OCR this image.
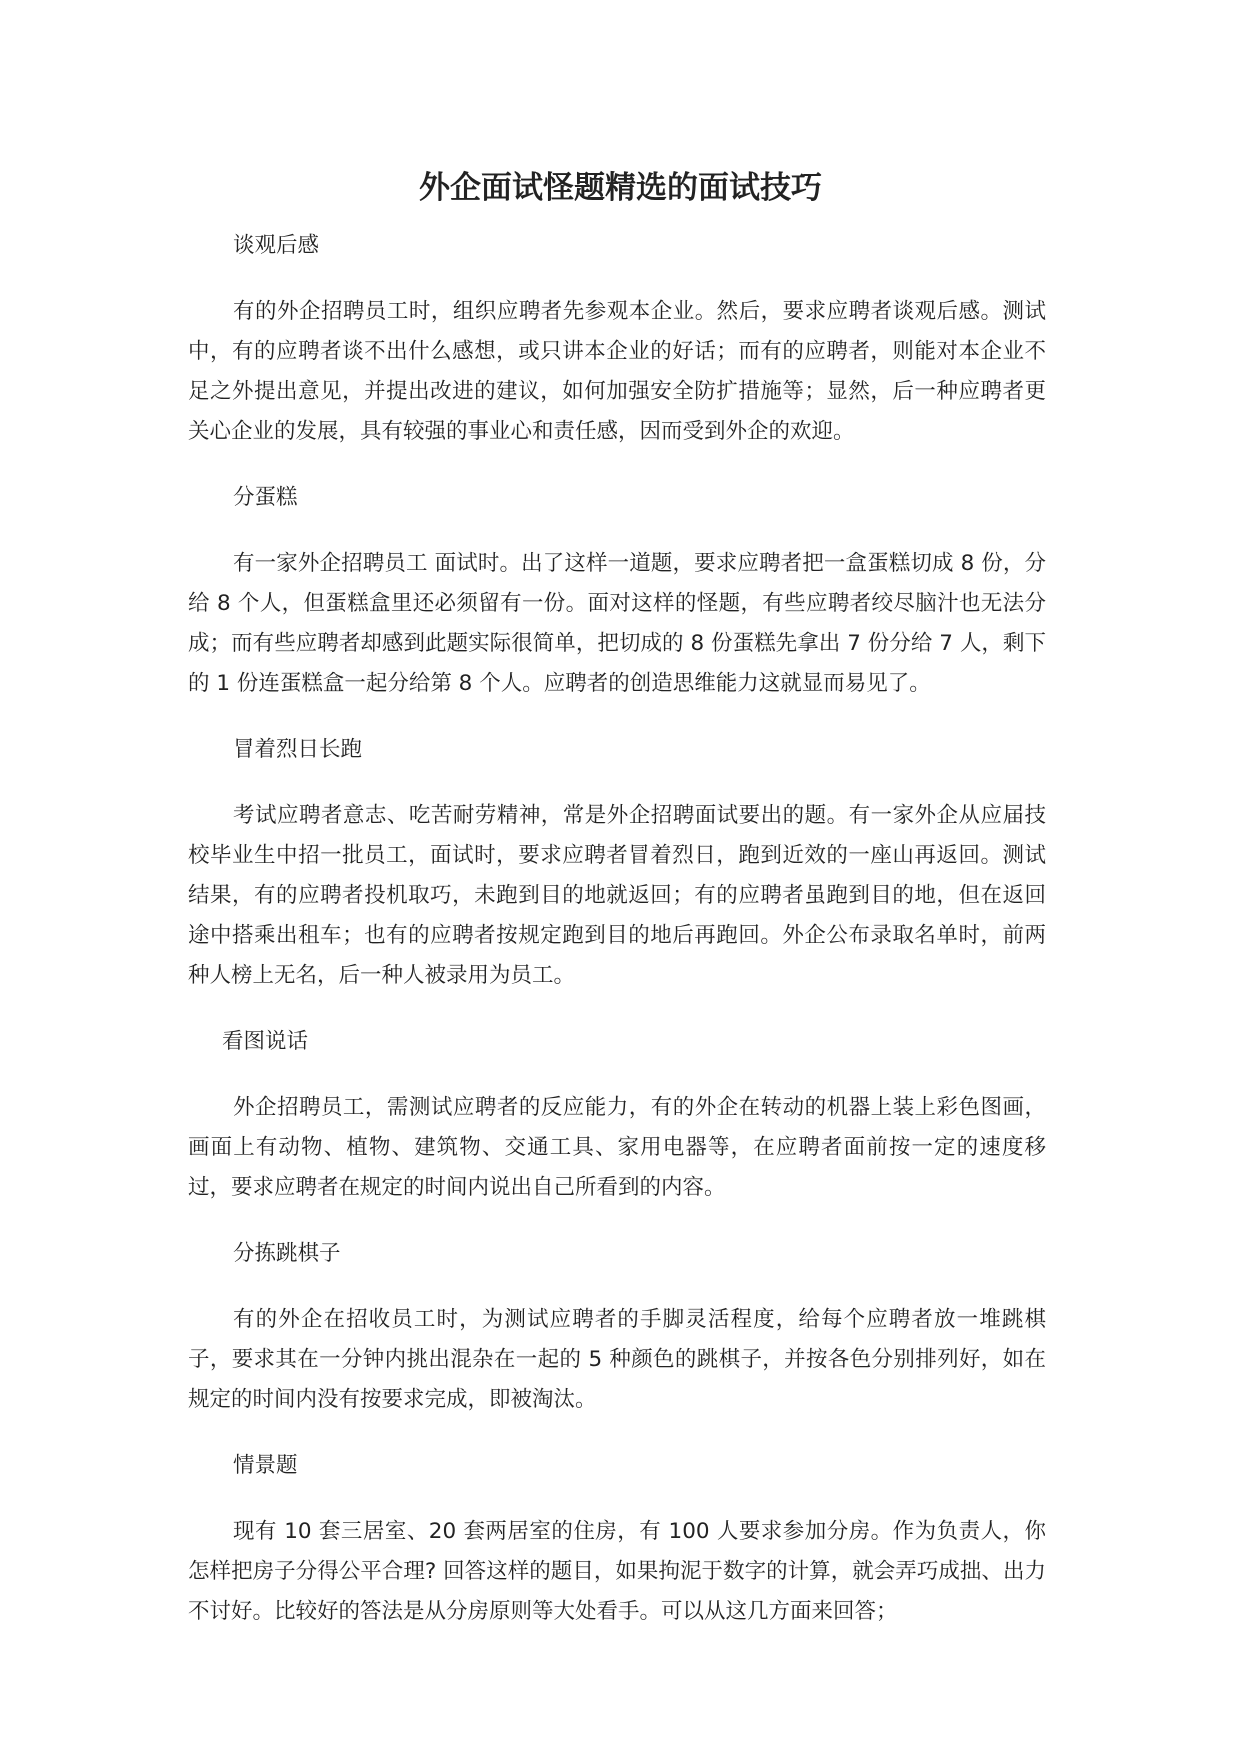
外企面试怪题精选的面试技巧

谈观后感

有的外企招聘员工时，组织应聘者先参观本企业。然后，要求应聘者谈观后感。测试中，有的应聘者谈不出什么感想，或只讲本企业的好话；而有的应聘者，则能对本企业不足之外提出意见，并提出改进的建议，如何加强安全防扩措施等；显然，后一种应聘者更关心企业的发展，具有较强的事业心和责任感，因而受到外企的欢迎。

分蛋糕

有一家外企招聘员工 面试时。出了这样一道题，要求应聘者把一盒蛋糕切成 8 份，分给 8 个人，但蛋糕盒里还必须留有一份。面对这样的怪题，有些应聘者绞尽脑汁也无法分成；而有些应聘者却感到此题实际很简单，把切成的 8 份蛋糕先拿出 7 份分给 7 人，剩下的 1 份连蛋糕盒一起分给第 8 个人。应聘者的创造思维能力这就显而易见了。

冒着烈日长跑

考试应聘者意志、吃苦耐劳精神，常是外企招聘面试要出的题。有一家外企从应届技校毕业生中招一批员工，面试时，要求应聘者冒着烈日，跑到近效的一座山再返回。测试结果，有的应聘者投机取巧，未跑到目的地就返回；有的应聘者虽跑到目的地，但在返回途中搭乘出租车；也有的应聘者按规定跑到目的地后再跑回。外企公布录取名单时，前两种人榜上无名，后一种人被录用为员工。

看图说话

外企招聘员工，需测试应聘者的反应能力，有的外企在转动的机器上装上彩色图画，画面上有动物、植物、建筑物、交通工具、家用电器等，在应聘者面前按一定的速度移过，要求应聘者在规定的时间内说出自己所看到的内容。

分拣跳棋子

有的外企在招收员工时，为测试应聘者的手脚灵活程度，给每个应聘者放一堆跳棋子，要求其在一分钟内挑出混杂在一起的 5 种颜色的跳棋子，并按各色分别排列好，如在规定的时间内没有按要求完成，即被淘汰。

情景题

现有 10 套三居室、20 套两居室的住房，有 100 人要求参加分房。作为负责人，你怎样把房子分得公平合理? 回答这样的题目，如果拘泥于数字的计算，就会弄巧成拙、出力不讨好。比较好的答法是从分房原则等大处看手。可以从这几方面来回答；
